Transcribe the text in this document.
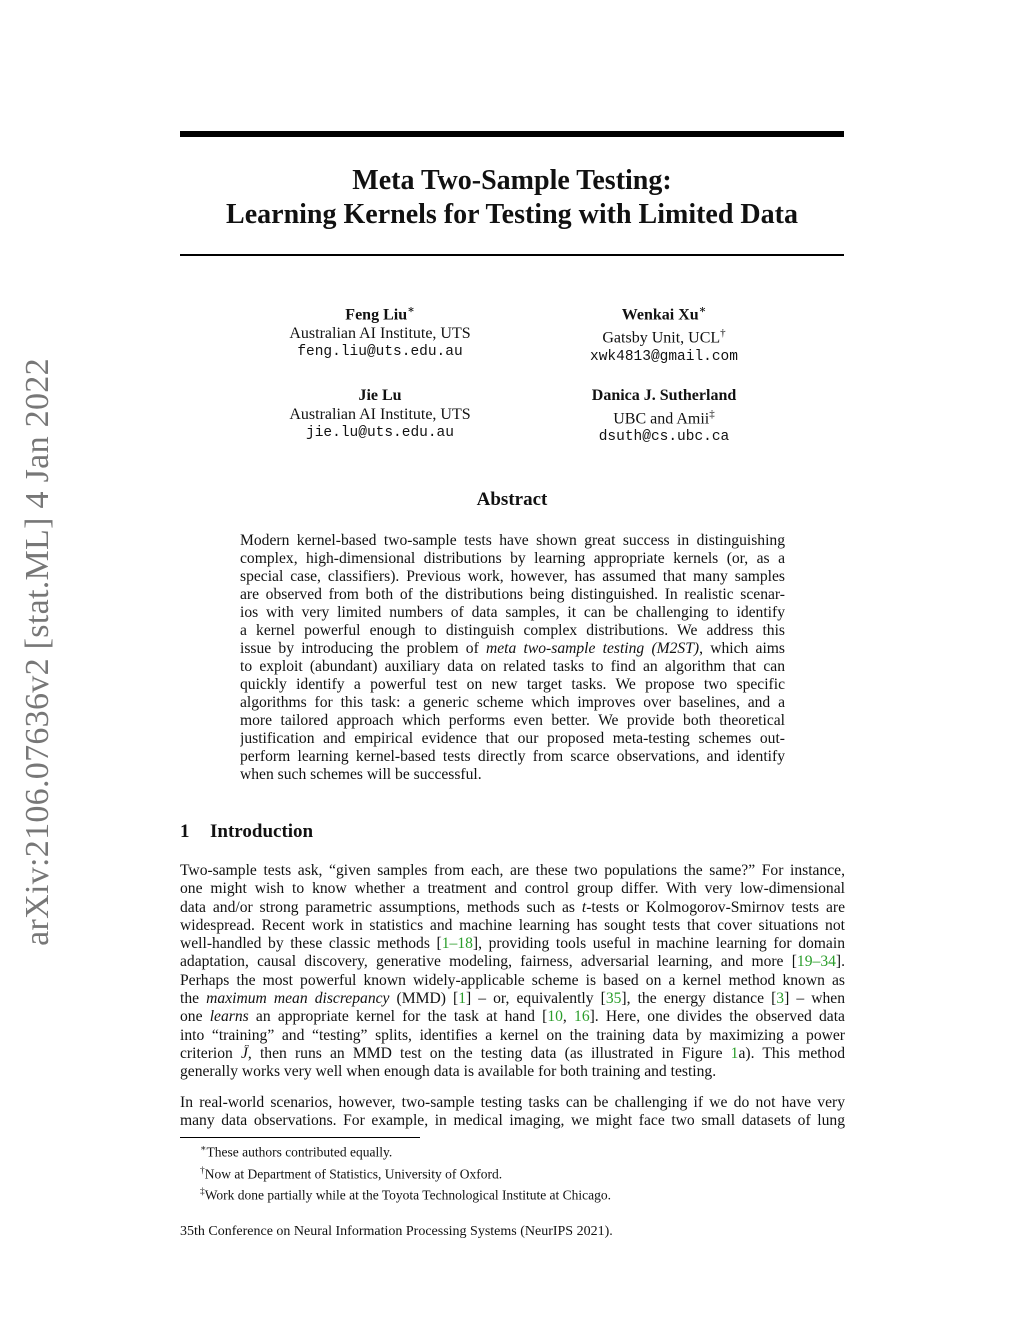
arXiv:2106.07636v2 [stat.ML] 4 Jan 2022
Meta Two-Sample Testing:
Learning Kernels for Testing with Limited Data
Feng Liu∗
Australian AI Institute, UTS
feng.liu@uts.edu.au
Wenkai Xu∗
Gatsby Unit, UCL†
xwk4813@gmail.com
Jie Lu
Australian AI Institute, UTS
jie.lu@uts.edu.au
Danica J. Sutherland
UBC and Amii‡
dsuth@cs.ubc.ca
Abstract
Modern kernel-based two-sample tests have shown great success in distinguishing
complex, high-dimensional distributions by learning appropriate kernels (or, as a
special case, classifiers). Previous work, however, has assumed that many samples
are observed from both of the distributions being distinguished. In realistic scenar-
ios with very limited numbers of data samples, it can be challenging to identify
a kernel powerful enough to distinguish complex distributions. We address this
issue by introducing the problem of meta two-sample testing (M2ST), which aims
to exploit (abundant) auxiliary data on related tasks to find an algorithm that can
quickly identify a powerful test on new target tasks. We propose two specific
algorithms for this task: a generic scheme which improves over baselines, and a
more tailored approach which performs even better. We provide both theoretical
justification and empirical evidence that our proposed meta-testing schemes out-
perform learning kernel-based tests directly from scarce observations, and identify
when such schemes will be successful.
1 Introduction
Two-sample tests ask, “given samples from each, are these two populations the same?” For instance,
one might wish to know whether a treatment and control group differ. With very low-dimensional
data and/or strong parametric assumptions, methods such as t-tests or Kolmogorov-Smirnov tests are
widespread. Recent work in statistics and machine learning has sought tests that cover situations not
well-handled by these classic methods [1–18], providing tools useful in machine learning for domain
adaptation, causal discovery, generative modeling, fairness, adversarial learning, and more [19–34].
Perhaps the most powerful known widely-applicable scheme is based on a kernel method known as
the maximum mean discrepancy (MMD) [1] – or, equivalently [35], the energy distance [3] – when
one learns an appropriate kernel for the task at hand [10, 16]. Here, one divides the observed data
into “training” and “testing” splits, identifies a kernel on the training data by maximizing a power
criterion Ĵ, then runs an MMD test on the testing data (as illustrated in Figure 1a). This method
generally works very well when enough data is available for both training and testing.
In real-world scenarios, however, two-sample testing tasks can be challenging if we do not have very
many data observations. For example, in medical imaging, we might face two small datasets of lung
∗These authors contributed equally.
†Now at Department of Statistics, University of Oxford.
‡Work done partially while at the Toyota Technological Institute at Chicago.
35th Conference on Neural Information Processing Systems (NeurIPS 2021).
